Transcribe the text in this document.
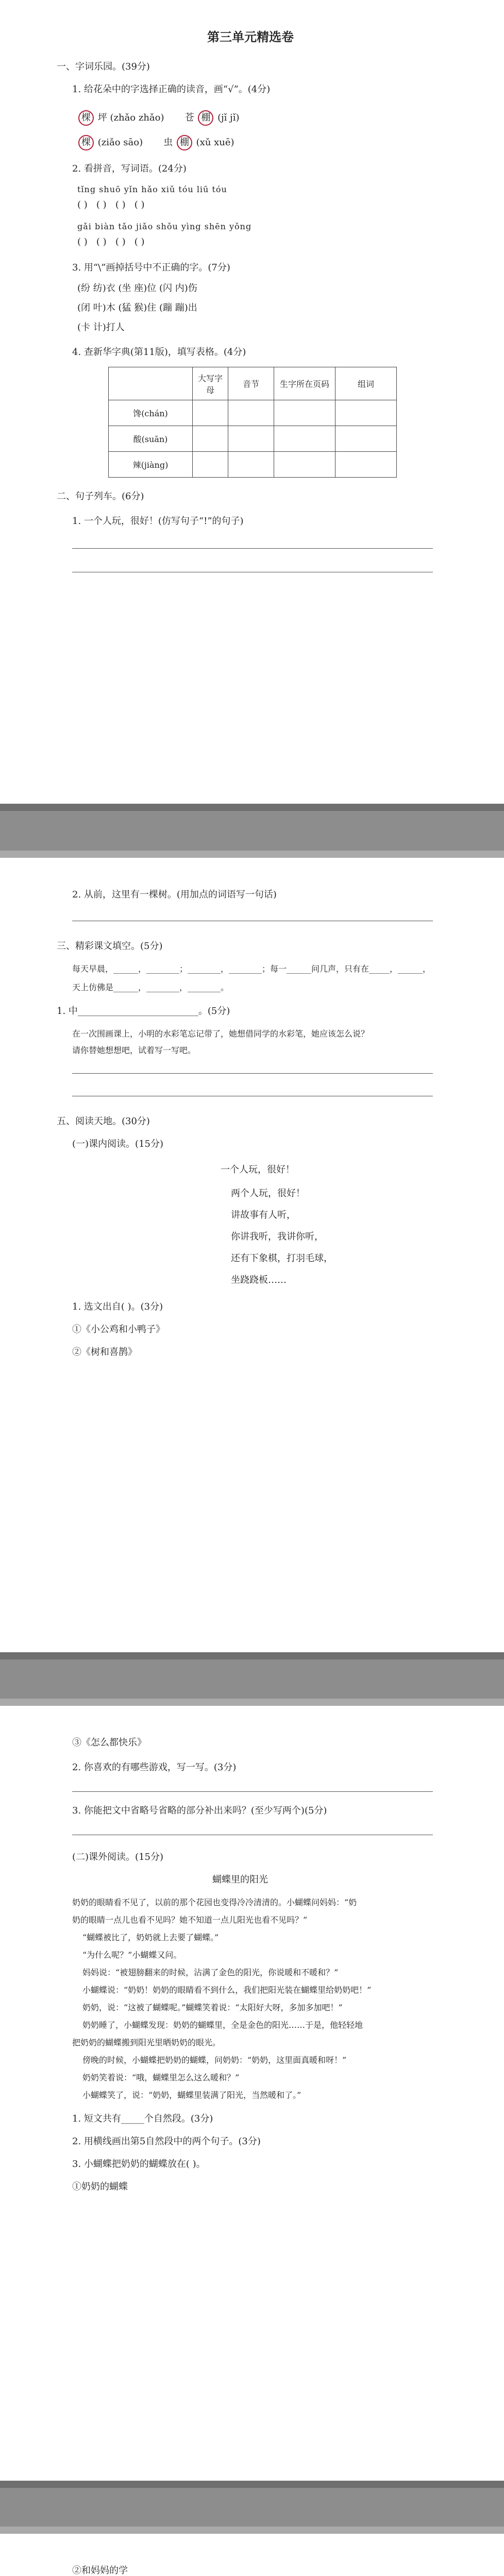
第三单元精选卷
一、字词乐园。(39分)
1. 给花朵中的字选择正确的读音，画“√”。(4分)
棵 坪 (zhǎo zhǎo) 苍 棚 (jǐ jǐ)
棵 (ziǎo sāo) 虫 棚 (xǔ xuē)
2. 看拼音，写词语。(24分)
tǐng shuō yǐn hǎo xiǔ tóu liū tóu
( )   ( )   ( )   ( )
gǎi biàn tǎo jiǎo shǒu yìng shēn yǒng
( )   ( )   ( )   ( )
3. 用“\”画掉括号中不正确的字。(7分)
(纷 纺)衣 (坐 座)位 (闪 内)伤
(闭 叶)木 (猛 猴)住 (蹦 蹦)出
(卡 计)打人
4. 查新华字典(第11版)，填写表格。(4分)
	大写字母	音节	生字所在页码	组词
馋(chán)				
酸(suān)				
辣(jiàng)				
二、句子列车。(6分)
1. 一个人玩，很好！(仿写句子“!”的句子)
2. 从前，这里有一棵树。(用加点的词语写一句话)
三、精彩课文填空。(5分)
每天早晨，______，________；________，________；每一______问几声，只有在_____，______，
天上仿佛是______，________，________。
1. 中__________________________。(5分)
在一次围画课上，小明的水彩笔忘记带了，她想借同学的水彩笔，她应该怎么说？
请你替她想想吧，试着写一写吧。
五、阅读天地。(30分)
(一)课内阅读。(15分)
一个人玩，很好！
两个人玩，很好！
讲故事有人听，
你讲我听，我讲你听，
还有下象棋，打羽毛球，
坐跷跷板……
1. 选文出自( )。(3分)
①《小公鸡和小鸭子》
②《树和喜鹊》
③《怎么都快乐》
2. 你喜欢的有哪些游戏，写一写。(3分)
3. 你能把文中省略号省略的部分补出来吗？(至少写两个)(5分)
(二)课外阅读。(15分)
蝴蝶里的阳光
奶奶的眼睛看不见了，以前的那个花园也变得冷冷清清的。小蝴蝶问妈妈：“奶
奶的眼睛一点儿也看不见吗？她不知道一点儿阳光也看不见吗？”
“蝴蝶被比了，奶奶就上去要了蝴蝶。”
“为什么呢？”小蝴蝶又问。
妈妈说：“被翅膀翻来的时候，沾满了金色的阳光，你说暖和不暖和？”
小蝴蝶说：“奶奶！奶奶的眼睛看不到什么，我们把阳光装在蝴蝶里给奶奶吧！”
奶奶，说：“这被了蝴蝶呢。”蝴蝶笑着说：“太阳好大呀，多加多加吧！”
奶奶睡了，小蝴蝶发现：奶奶的蝴蝶里，全是金色的阳光……于是，他轻轻地
把奶奶的蝴蝶搬到阳光里晒奶奶的眼光。
傍晚的时候，小蝴蝶把奶奶的蝴蝶，问奶奶：“奶奶，这里面真暖和呀！”
奶奶笑着说：“哦，蝴蝶里怎么这么暖和？”
小蝴蝶笑了，说：“奶奶，蝴蝶里装满了阳光，当然暖和了。”
1. 短文共有_____个自然段。(3分)
2. 用横线画出第5自然段中的两个句子。(3分)
3. 小蝴蝶把奶奶的蝴蝶放在( )。
①奶奶的蝴蝶
②和妈妈的学
